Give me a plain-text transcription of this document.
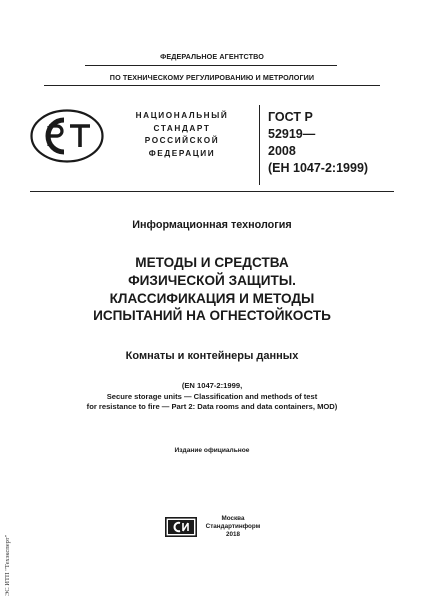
ФЕДЕРАЛЬНОЕ АГЕНТСТВО
ПО ТЕХНИЧЕСКОМУ РЕГУЛИРОВАНИЮ И МЕТРОЛОГИИ
НАЦИОНАЛЬНЫЙ
СТАНДАРТ
РОССИЙСКОЙ
ФЕДЕРАЦИИ
ГОСТ Р
52919—
2008
(ЕН 1047-2:1999)
Информационная технология
МЕТОДЫ И СРЕДСТВА
ФИЗИЧЕСКОЙ ЗАЩИТЫ.
КЛАССИФИКАЦИЯ И МЕТОДЫ
ИСПЫТАНИЙ НА ОГНЕСТОЙКОСТЬ
Комнаты и контейнеры данных
(EN 1047-2:1999,
Secure storage units — Classification and methods of test
for resistance to fire — Part 2: Data rooms and data containers, MOD)
Издание официальное
Москва
Стандартинформ
2018
ЭС ИТП "Техэксперт"
